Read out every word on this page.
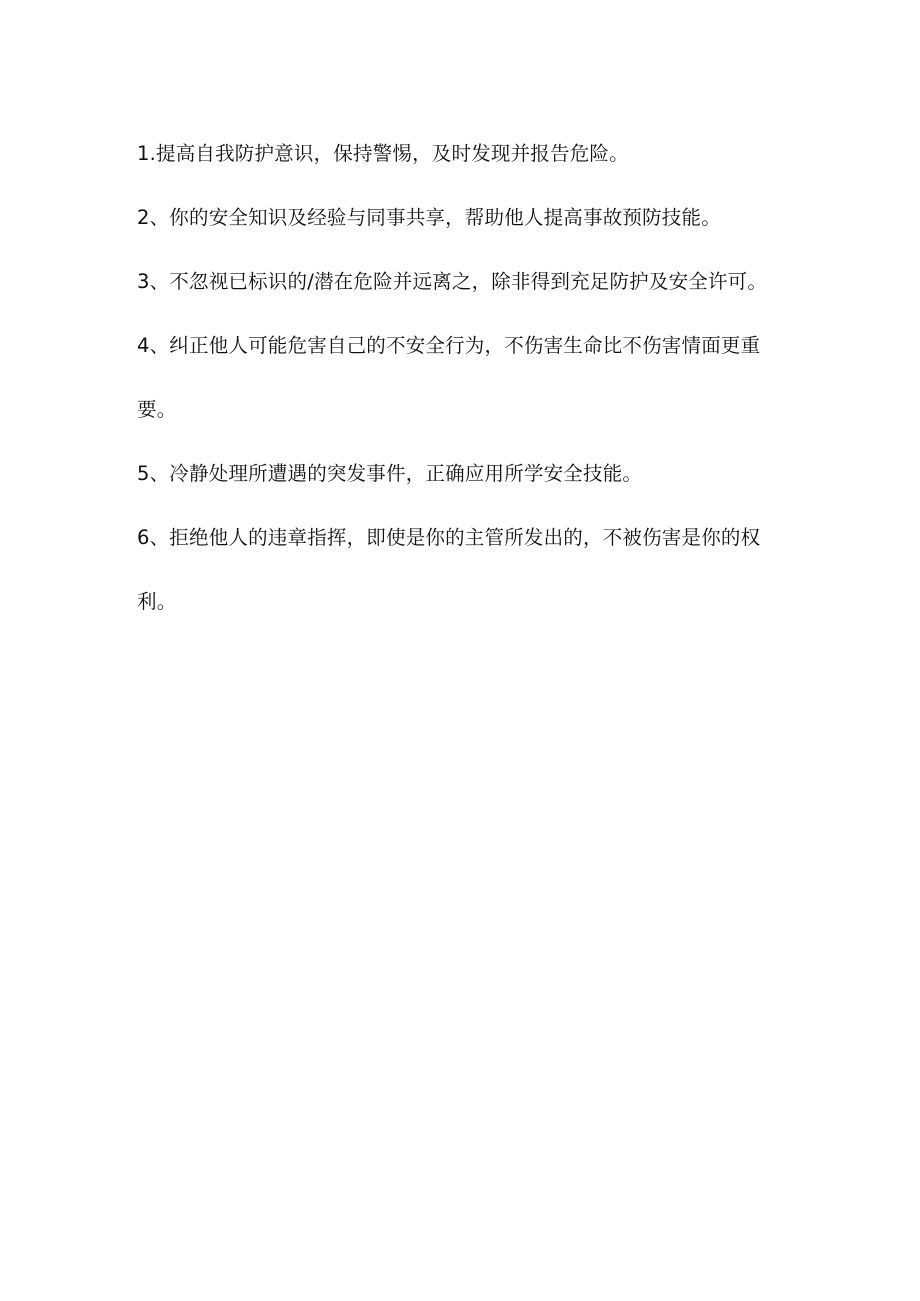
1.提高自我防护意识，保持警惕，及时发现并报告危险。

2、你的安全知识及经验与同事共享，帮助他人提高事故预防技能。

3、不忽视已标识的/潜在危险并远离之，除非得到充足防护及安全许可。

4、纠正他人可能危害自己的不安全行为，不伤害生命比不伤害情面更重要。

5、冷静处理所遭遇的突发事件，正确应用所学安全技能。

6、拒绝他人的违章指挥，即使是你的主管所发出的，不被伤害是你的权利。
